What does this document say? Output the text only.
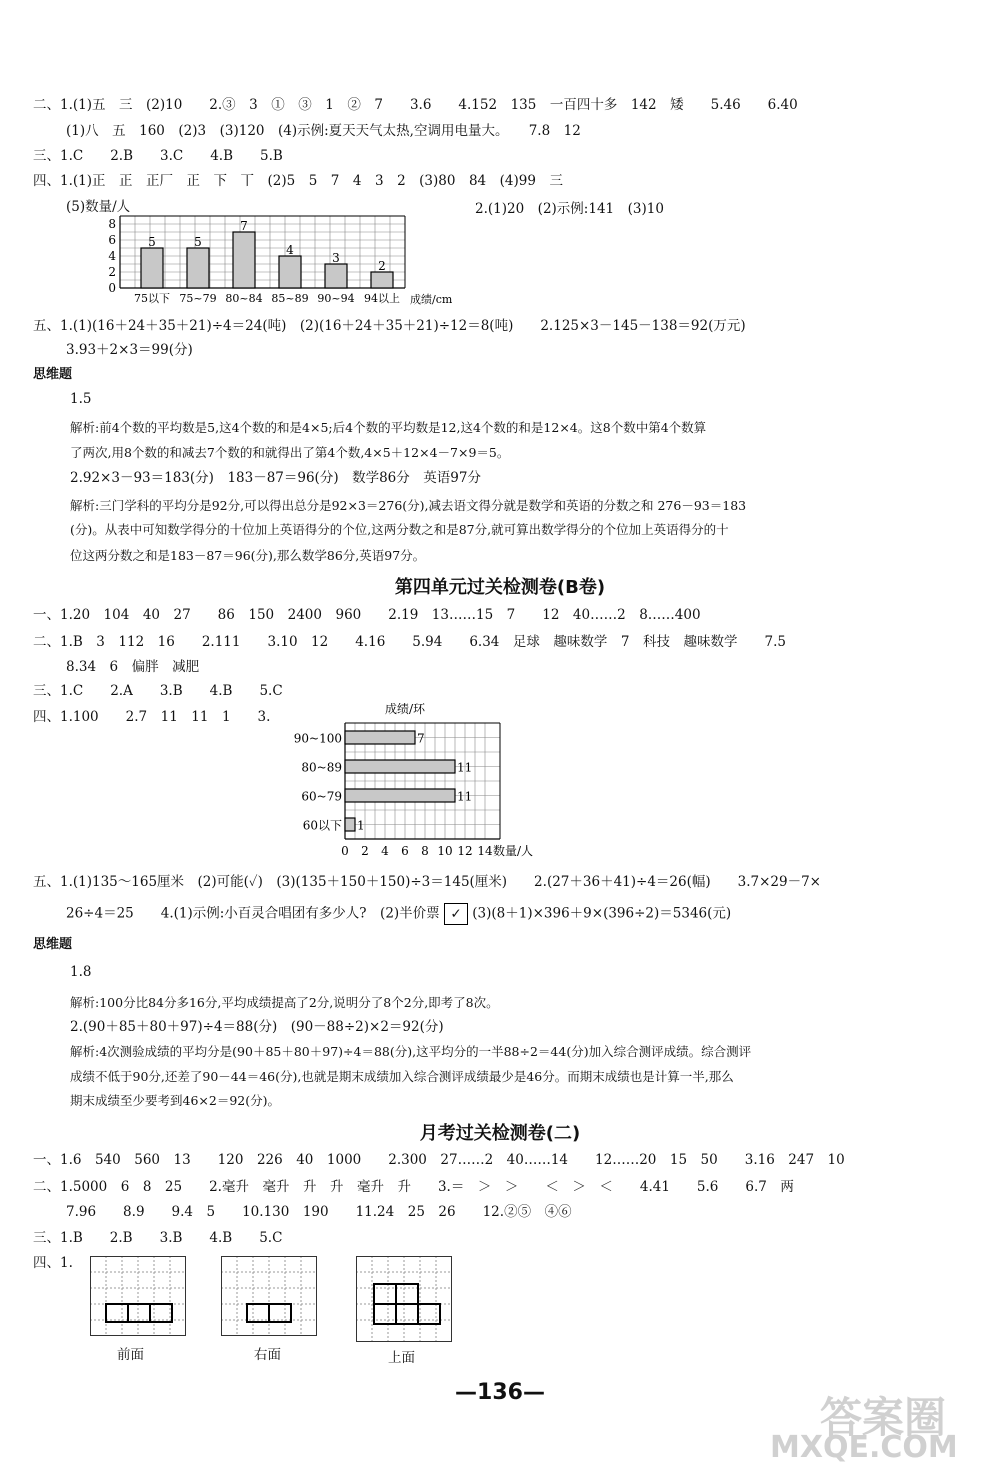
二、1.(1)五　三　(2)10　　2.③　3　①　③　1　②　7　　3.6　　4.152　135　一百四十多　142　矮　　5.46　　6.40
(1)八　五　160　(2)3　(3)120　(4)示例:夏天天气太热,空调用电量大。　　7.8　12
三、1.C　　2.B　　3.C　　4.B　　5.B
四、1.(1)正　正　正厂　正　下　丅　(2)5　5　7　4　3　2　(3)80　84　(4)99　三
(5)数量/人	2.(1)20　(2)示例:141　(3)10
0
2
4
6
8
5
75以下
5
75~79
7
80~84
4
85~89
3
90~94
2
94以上 成绩/cm
五、1.(1)(16＋24＋35＋21)÷4＝24(吨)　(2)(16＋24＋35＋21)÷12＝8(吨)　　2.125×3－145－138＝92(万元)
3.93＋2×3＝99(分)
思维题
1.5
解析:前4个数的平均数是5,这4个数的和是4×5;后4个数的平均数是12,这4个数的和是12×4。这8个数中第4个数算
了两次,用8个数的和减去7个数的和就得出了第4个数,4×5＋12×4－7×9＝5。
2.92×3－93＝183(分)　183－87＝96(分)　数学86分　英语97分
解析:三门学科的平均分是92分,可以得出总分是92×3＝276(分),减去语文得分就是数学和英语的分数之和 276－93＝183
(分)。从表中可知数学得分的十位加上英语得分的个位,这两分数之和是87分,就可算出数学得分的个位加上英语得分的十
位这两分数之和是183－87＝96(分),那么数学86分,英语97分。
第四单元过关检测卷(B卷)
一、1.20　104　40　27　　86　150　2400　960　　2.19　13……15　7　　12　40……2　8……400
二、1.B　3　112　16　　2.111　　3.10　12　　4.16　　5.94　　6.34　足球　趣味数学　7　科技　趣味数学　　7.5
8.34　6　偏胖　减肥
三、1.C　　2.A　　3.B　　4.B　　5.C
四、1.100　　2.7　11　11　1　　3.	成绩/环
7
90~100
11
80~89
11
60~79
1
60以下
0 2 4 6 8 10 12 14 数量/人
五、1.(1)135～165厘米　(2)可能(✓)　(3)(135＋150＋150)÷3＝145(厘米)　　2.(27＋36＋41)÷4＝26(幅)　　3.7×29－7×
26÷4＝25　　4.(1)示例:小百灵合唱团有多少人?　(2)半价票 ✓ (3)(8＋1)×396＋9×(396÷2)＝5346(元)
思维题
1.8
解析:100分比84分多16分,平均成绩提高了2分,说明分了8个2分,即考了8次。
2.(90＋85＋80＋97)÷4＝88(分)　(90－88÷2)×2＝92(分)
解析:4次测验成绩的平均分是(90＋85＋80＋97)÷4＝88(分),这平均分的一半88÷2＝44(分)加入综合测评成绩。综合测评
成绩不低于90分,还差了90－44＝46(分),也就是期末成绩加入综合测评成绩最少是46分。而期末成绩也是计算一半,那么
期末成绩至少要考到46×2＝92(分)。
月考过关检测卷(二)
一、1.6　540　560　13　　120　226　40　1000　　2.300　27……2　40……14　　12……20　15　50　　3.16　247　10
二、1.5000　6　8　25　　2.毫升　毫升　升　升　毫升　升　　3.＝　＞　＞　　＜　＞　＜　　4.41　　5.6　　6.7　两
7.96　　8.9　　9.4　5　　10.130　190　　11.24　25　26　　12.②⑤　④⑥
三、1.B　　2.B　　3.B　　4.B　　5.C
四、1.
前面	右面	上面
—136—
答案圈
MXQE.COM
